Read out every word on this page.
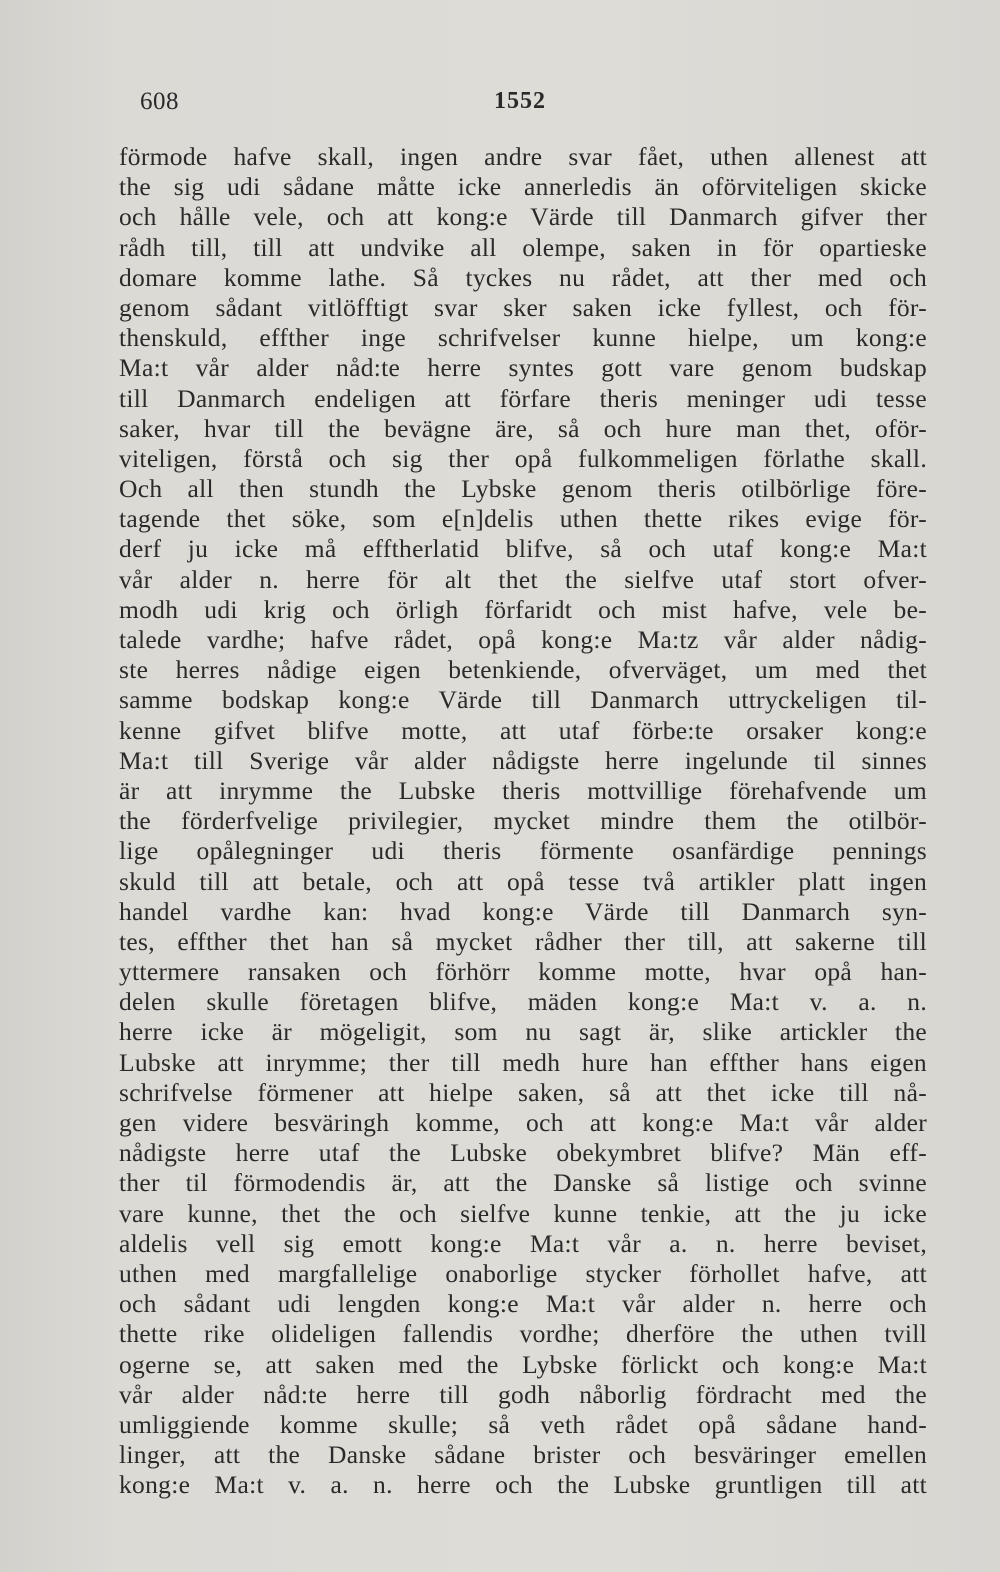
608	1552
förmode hafve skall, ingen andre svar fået, uthen allenest att
the sig udi sådane måtte icke annerledis än oförviteligen skicke
och hålle vele, och att kong:e Värde till Danmarch gifver ther
rådh till, till att undvike all olempe, saken in för opartieske
domare komme lathe. Så tyckes nu rådet, att ther med och
genom sådant vitlöfftigt svar sker saken icke fyllest, och för-
thenskuld, effther inge schrifvelser kunne hielpe, um kong:e
Ma:t vår alder nåd:te herre syntes gott vare genom budskap
till Danmarch endeligen att förfare theris meninger udi tesse
saker, hvar till the bevägne äre, så och hure man thet, oför-
viteligen, förstå och sig ther opå fulkommeligen förlathe skall.
Och all then stundh the Lybske genom theris otilbörlige före-
tagende thet söke, som e[n]delis uthen thette rikes evige för-
derf ju icke må efftherlatid blifve, så och utaf kong:e Ma:t
vår alder n. herre för alt thet the sielfve utaf stort ofver-
modh udi krig och örligh förfaridt och mist hafve, vele be-
talede vardhe; hafve rådet, opå kong:e Ma:tz vår alder nådig-
ste herres nådige eigen betenkiende, ofverväget, um med thet
samme bodskap kong:e Värde till Danmarch uttryckeligen til-
kenne gifvet blifve motte, att utaf förbe:te orsaker kong:e
Ma:t till Sverige vår alder nådigste herre ingelunde til sinnes
är att inrymme the Lubske theris mottvillige förehafvende um
the förderfvelige privilegier, mycket mindre them the otilbör-
lige opålegninger udi theris förmente osanfärdige pennings
skuld till att betale, och att opå tesse två artikler platt ingen
handel vardhe kan: hvad kong:e Värde till Danmarch syn-
tes, effther thet han så mycket rådher ther till, att sakerne till
yttermere ransaken och förhörr komme motte, hvar opå han-
delen skulle företagen blifve, mäden kong:e Ma:t v. a. n.
herre icke är mögeligit, som nu sagt är, slike artickler the
Lubske att inrymme; ther till medh hure han effther hans eigen
schrifvelse förmener att hielpe saken, så att thet icke till nå-
gen videre besväringh komme, och att kong:e Ma:t vår alder
nådigste herre utaf the Lubske obekymbret blifve? Män eff-
ther til förmodendis är, att the Danske så listige och svinne
vare kunne, thet the och sielfve kunne tenkie, att the ju icke
aldelis vell sig emott kong:e Ma:t vår a. n. herre beviset,
uthen med margfallelige onaborlige stycker förhollet hafve, att
och sådant udi lengden kong:e Ma:t vår alder n. herre och
thette rike olideligen fallendis vordhe; dherföre the uthen tvill
ogerne se, att saken med the Lybske förlickt och kong:e Ma:t
vår alder nåd:te herre till godh nåborlig fördracht med the
umliggiende komme skulle; så veth rådet opå sådane hand-
linger, att the Danske sådane brister och besväringer emellen
kong:e Ma:t v. a. n. herre och the Lubske gruntligen till att
